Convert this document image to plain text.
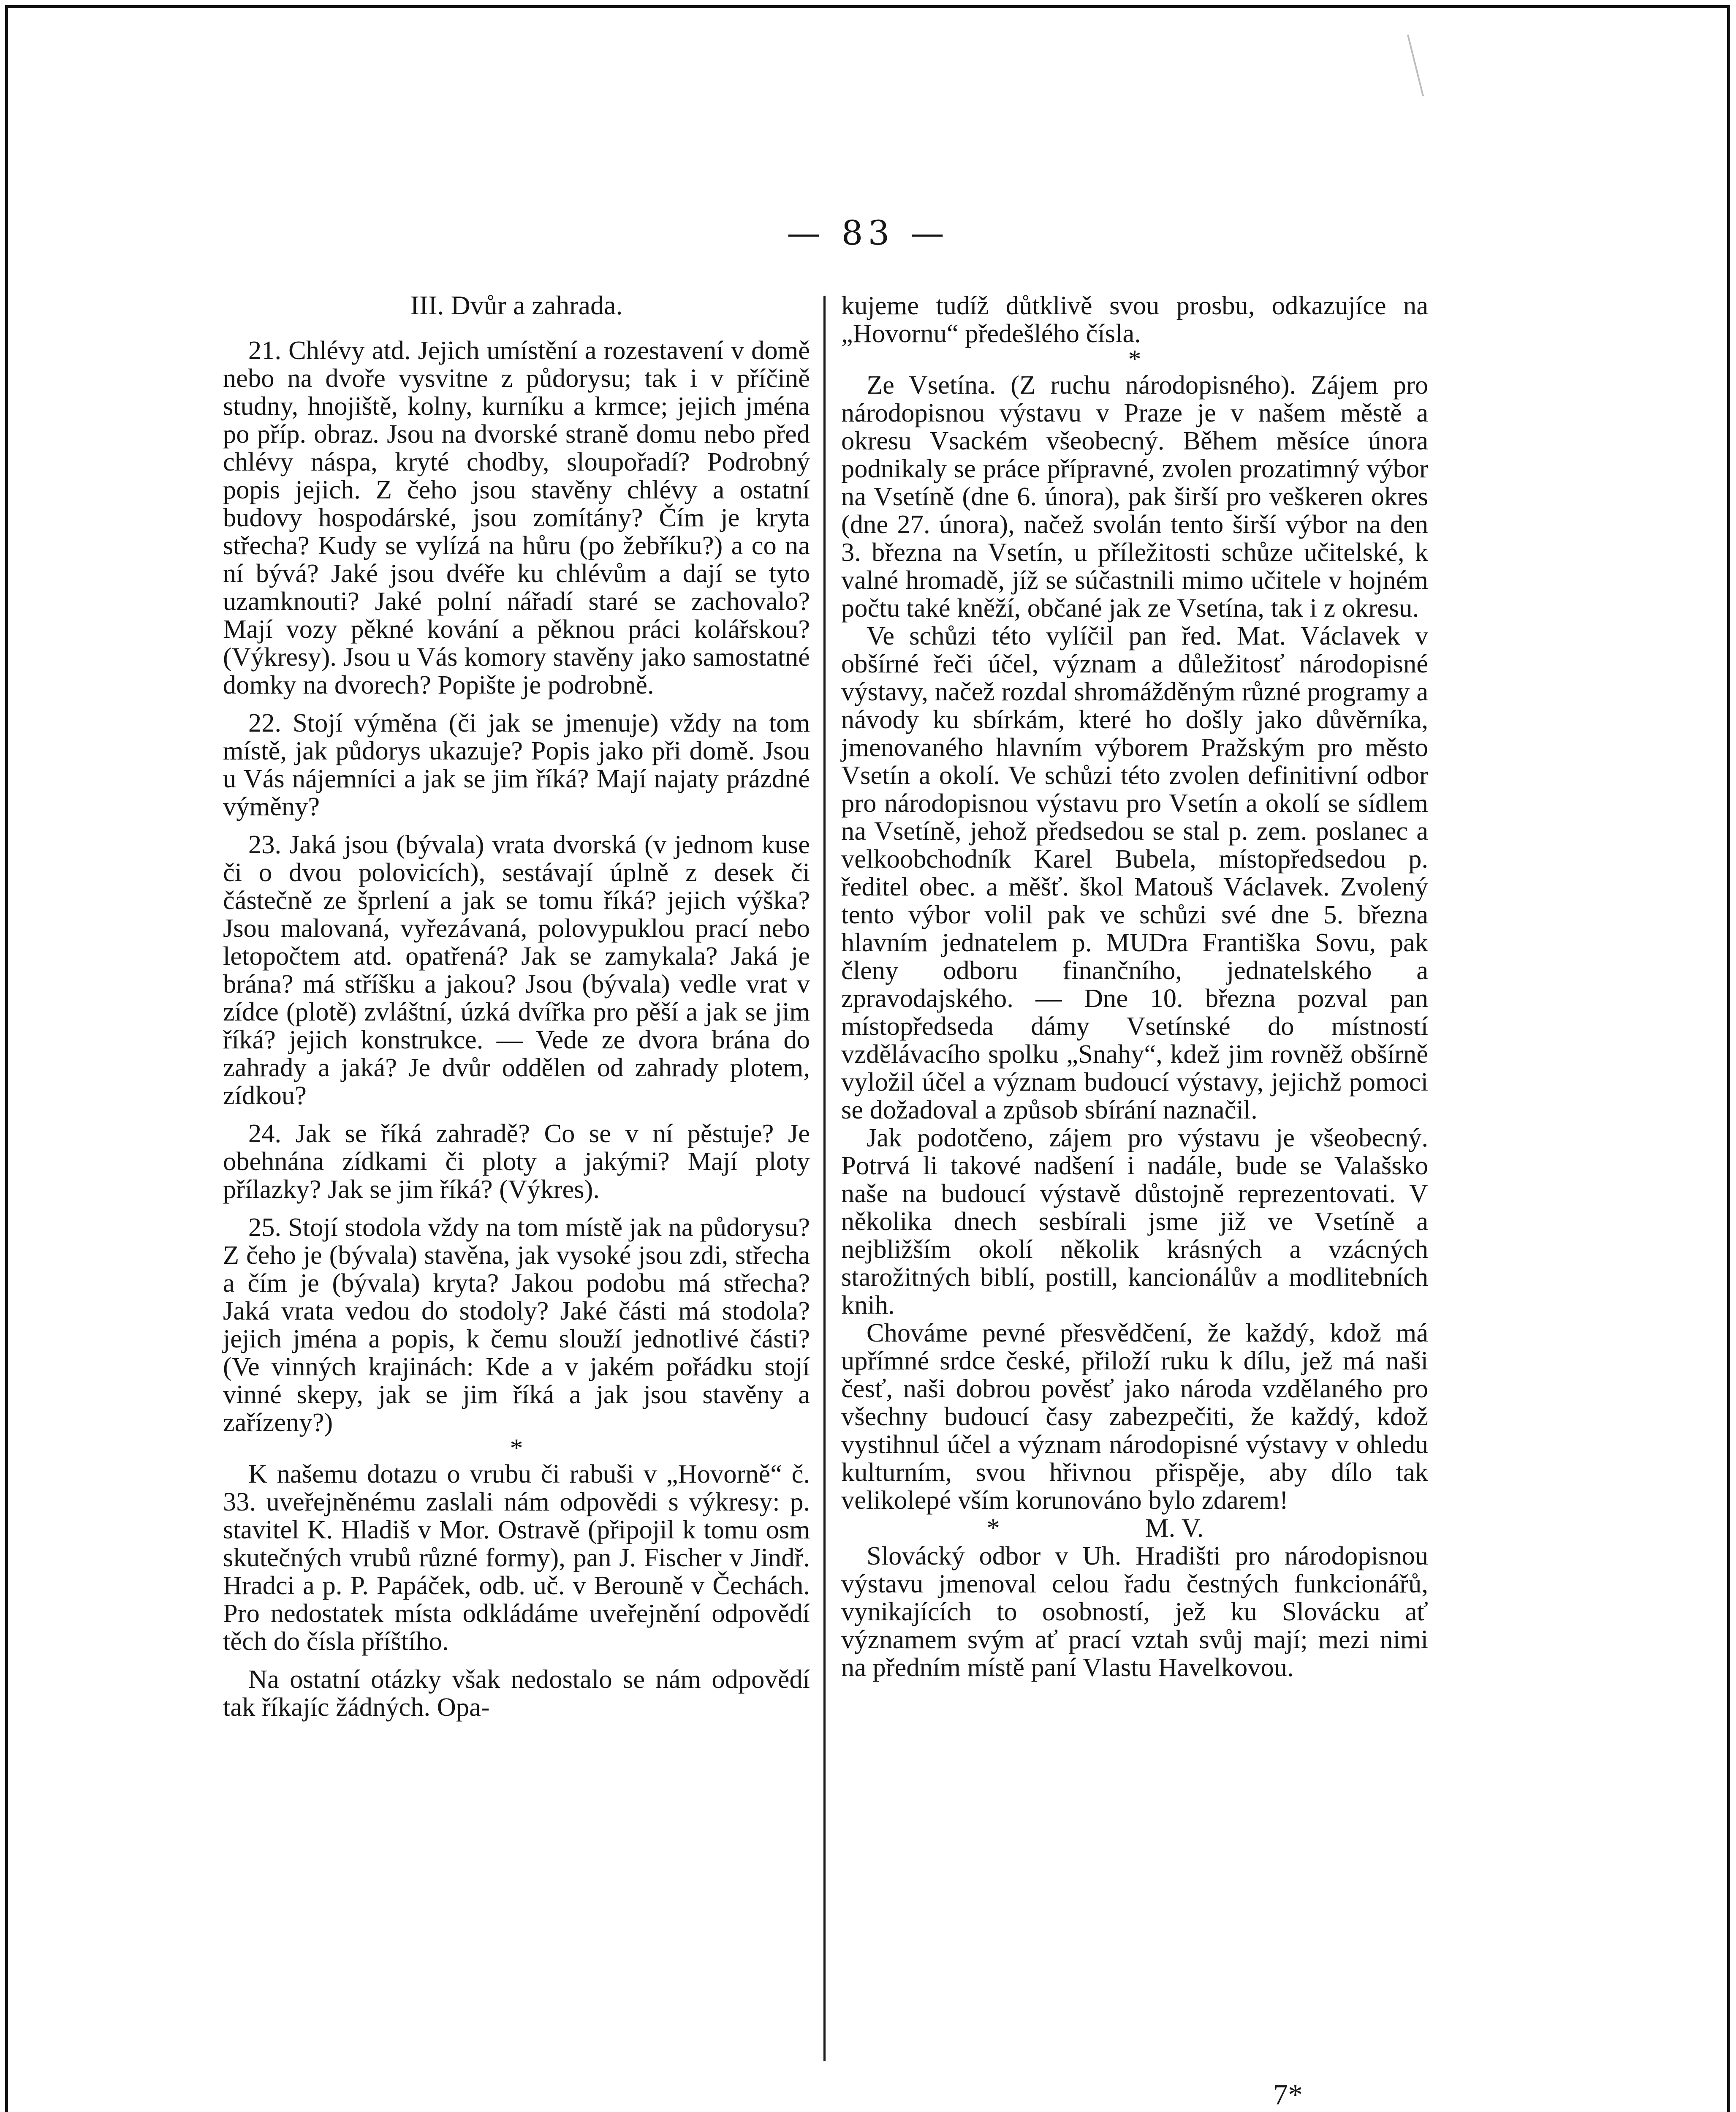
— 83 —
III. Dvůr a zahrada.

21. Chlévy atd. Jejich umístění a rozestavení v domě nebo na dvoře vysvitne z půdorysu; tak i v příčině studny, hnojiště, kolny, kurníku a krmce; jejich jména po příp. obraz. Jsou na dvorské straně domu nebo před chlévy náspa, kryté chodby, sloupořadí? Podrobný popis jejich. Z čeho jsou stavěny chlévy a ostatní budovy hospodárské, jsou zomítány? Čím je kryta střecha? Kudy se vylízá na hůru (po žebříku?) a co na ní bývá? Jaké jsou dvéře ku chlévům a dají se tyto uzamknouti? Jaké polní nářadí staré se zachovalo? Mají vozy pěkné kování a pěknou práci kolářskou? (Výkresy). Jsou u Vás komory stavěny jako samostatné domky na dvorech? Popište je podrobně.

22. Stojí výměna (či jak se jmenuje) vždy na tom místě, jak půdorys ukazuje? Popis jako při domě. Jsou u Vás nájemníci a jak se jim říká? Mají najaty prázdné výměny?

23. Jaká jsou (bývala) vrata dvorská (v jednom kuse či o dvou polovicích), sestávají úplně z desek či částečně ze šprlení a jak se tomu říká? jejich výška? Jsou malovaná, vyřezávaná, polovypuklou prací nebo letopočtem atd. opatřená? Jak se zamykala? Jaká je brána? má stříšku a jakou? Jsou (bývala) vedle vrat v zídce (plotě) zvláštní, úzká dvířka pro pěší a jak se jim říká? jejich konstrukce. — Vede ze dvora brána do zahrady a jaká? Je dvůr oddělen od zahrady plotem, zídkou?

24. Jak se říká zahradě? Co se v ní pěstuje? Je obehnána zídkami či ploty a jakými? Mají ploty přílazky? Jak se jim říká? (Výkres).

25. Stojí stodola vždy na tom místě jak na půdorysu? Z čeho je (bývala) stavěna, jak vysoké jsou zdi, střecha a čím je (bývala) kryta? Jakou podobu má střecha? Jaká vrata vedou do stodoly? Jaké části má stodola? jejich jména a popis, k čemu slouží jednotlivé části? (Ve vinných krajinách: Kde a v jakém pořádku stojí vinné skepy, jak se jim říká a jak jsou stavěny a zařízeny?)

*

K našemu dotazu o vrubu či rabuši v „Hovorně“ č. 33. uveřejněnému zaslali nám odpovědi s výkresy: p. stavitel K. Hladiš v Mor. Ostravě (připojil k tomu osm skutečných vrubů různé formy), pan J. Fischer v Jindř. Hradci a p. P. Papáček, odb. uč. v Berouně v Čechách. Pro nedostatek místa odkládáme uveřejnění odpovědí těch do čísla příštího.

Na ostatní otázky však nedostalo se nám odpovědí tak říkajíc žádných. Opa-

kujeme tudíž důtklivě svou prosbu, odkazujíce na „Hovornu“ předešlého čísla.

*

Ze Vsetína. (Z ruchu národopisného). Zájem pro národopisnou výstavu v Praze je v našem městě a okresu Vsackém všeobecný. Během měsíce února podnikaly se práce přípravné, zvolen prozatimný výbor na Vsetíně (dne 6. února), pak širší pro veškeren okres (dne 27. února), načež svolán tento širší výbor na den 3. března na Vsetín, u příležitosti schůze učitelské, k valné hromadě, jíž se súčastnili mimo učitele v hojném počtu také kněží, občané jak ze Vsetína, tak i z okresu.

Ve schůzi této vylíčil pan řed. Mat. Václavek v obšírné řeči účel, význam a důležitosť národopisné výstavy, načež rozdal shromážděným různé programy a návody ku sbírkám, které ho došly jako důvěrníka, jmenovaného hlavním výborem Pražským pro město Vsetín a okolí. Ve schůzi této zvolen definitivní odbor pro národopisnou výstavu pro Vsetín a okolí se sídlem na Vsetíně, jehož předsedou se stal p. zem. poslanec a velkoobchodník Karel Bubela, místopředsedou p. ředitel obec. a měšť. škol Matouš Václavek. Zvolený tento výbor volil pak ve schůzi své dne 5. března hlavním jednatelem p. MUDra Františka Sovu, pak členy odboru finančního, jednatelského a zpravodajského. — Dne 10. března pozval pan místopředseda dámy Vsetínské do místností vzdělávacího spolku „Snahy“, kdež jim rovněž obšírně vyložil účel a význam budoucí výstavy, jejichž pomoci se dožadoval a způsob sbírání naznačil.

Jak podotčeno, zájem pro výstavu je všeobecný. Potrvá li takové nadšení i nadále, bude se Valašsko naše na budoucí výstavě důstojně reprezentovati. V několika dnech sesbírali jsme již ve Vsetíně a nejbližším okolí několik krásných a vzácných starožitných biblí, postill, kancionálův a modlitebních knih.

Chováme pevné přesvědčení, že každý, kdož má upřímné srdce české, přiloží ruku k dílu, jež má naši česť, naši dobrou pověsť jako národa vzdělaného pro všechny budoucí časy zabezpečiti, že každý, kdož vystihnul účel a význam národopisné výstavy v ohledu kulturním, svou hřivnou přispěje, aby dílo tak velikolepé vším korunováno bylo zdarem!

*	M. V.

Slovácký odbor v Uh. Hradišti pro národopisnou výstavu jmenoval celou řadu čestných funkcionářů, vynikajících to osobností, jež ku Slovácku ať významem svým ať prací vztah svůj mají; mezi nimi na předním místě paní Vlastu Havelkovou.

7*
